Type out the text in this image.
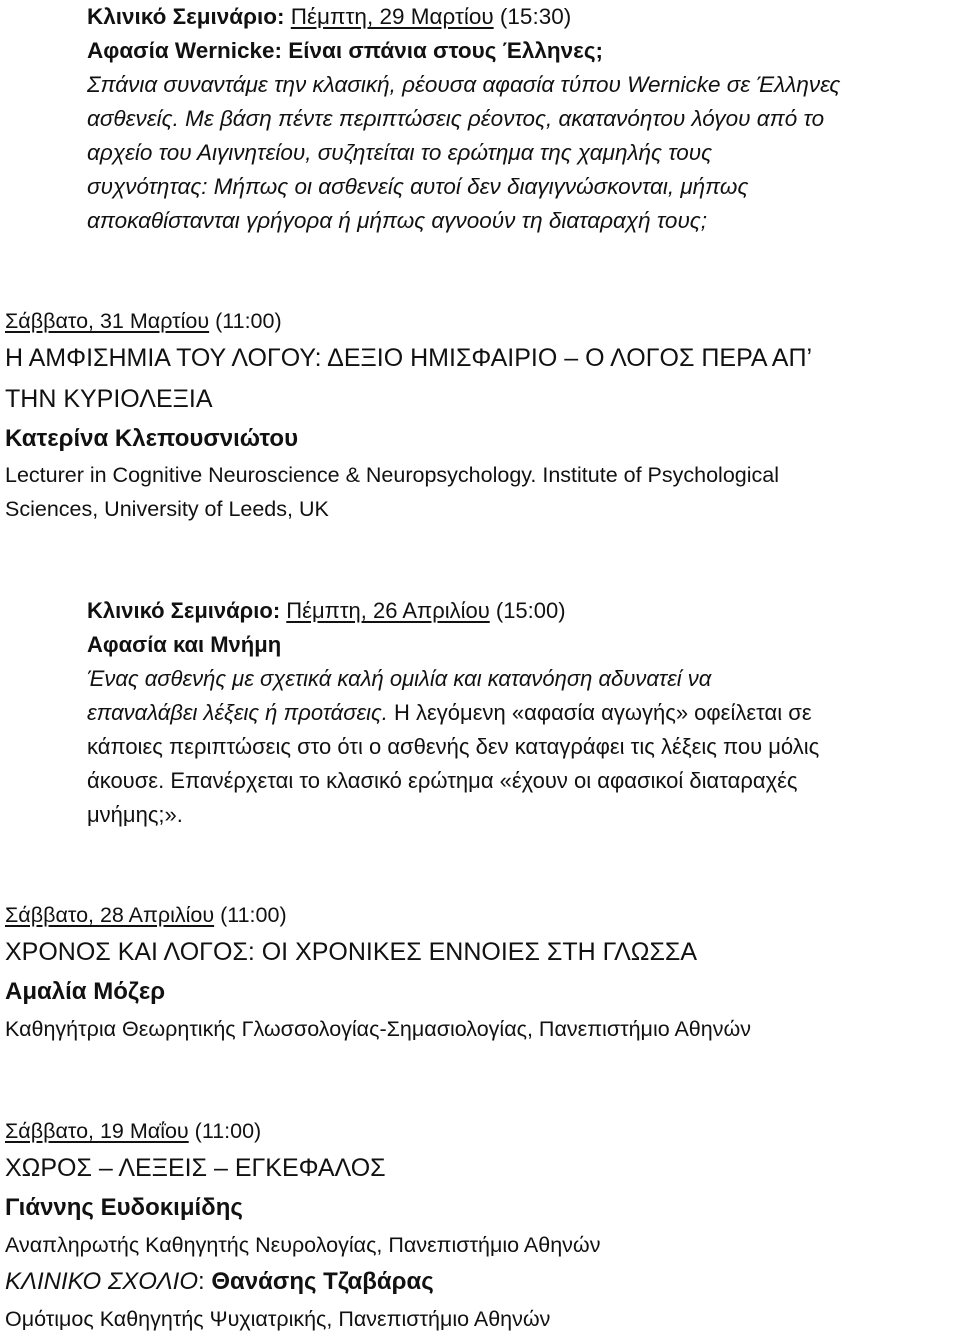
Κλινικό Σεμινάριο: Πέμπτη, 29 Μαρτίου (15:30)
Αφασία Wernicke: Είναι σπάνια στους Έλληνες;
Σπάνια συναντάμε την κλασική, ρέουσα αφασία τύπου Wernicke σε Έλληνες
ασθενείς. Με βάση πέντε περιπτώσεις ρέοντος, ακατανόητου λόγου από το
αρχείο του Αιγινητείου, συζητείται το ερώτημα της χαμηλής τους
συχνότητας: Μήπως οι ασθενείς αυτοί δεν διαγιγνώσκονται, μήπως
αποκαθίστανται γρήγορα ή μήπως αγνοούν τη διαταραχή τους;
Σάββατο, 31 Μαρτίου (11:00)
Η ΑΜΦΙΣΗΜΙΑ ΤΟΥ ΛΟΓΟΥ: ΔΕΞΙΟ ΗΜΙΣΦΑΙΡΙΟ – Ο ΛΟΓΟΣ ΠΕΡΑ ΑΠ’
ΤΗΝ ΚΥΡΙΟΛΕΞΙΑ
Κατερίνα Κλεπουσνιώτου
Lecturer in Cognitive Neuroscience & Neuropsychology. Institute of Psychological
Sciences, University of Leeds, UK
Κλινικό Σεμινάριο: Πέμπτη, 26 Απριλίου (15:00)
Αφασία και Μνήμη
Ένας ασθενής με σχετικά καλή ομιλία και κατανόηση αδυνατεί να
επαναλάβει λέξεις ή προτάσεις. Η λεγόμενη «αφασία αγωγής» οφείλεται σε
κάποιες περιπτώσεις στο ότι ο ασθενής δεν καταγράφει τις λέξεις που μόλις
άκουσε. Επανέρχεται το κλασικό ερώτημα «έχουν οι αφασικοί διαταραχές
μνήμης;».
Σάββατο, 28 Απριλίου (11:00)
ΧΡΟΝΟΣ ΚΑΙ ΛΟΓΟΣ: ΟΙ ΧΡΟΝΙΚΕΣ ΕΝΝΟΙΕΣ ΣΤΗ ΓΛΩΣΣΑ
Αμαλία Μόζερ
Καθηγήτρια Θεωρητικής Γλωσσολογίας-Σημασιολογίας, Πανεπιστήμιο Αθηνών
Σάββατο, 19 Μαΐου (11:00)
ΧΩΡΟΣ – ΛΕΞΕΙΣ – ΕΓΚΕΦΑΛΟΣ
Γιάννης Ευδοκιμίδης
Αναπληρωτής Καθηγητής Νευρολογίας, Πανεπιστήμιο Αθηνών
ΚΛΙΝΙΚΟ ΣΧΟΛΙΟ: Θανάσης Τζαβάρας
Ομότιμος Καθηγητής Ψυχιατρικής, Πανεπιστήμιο Αθηνών
